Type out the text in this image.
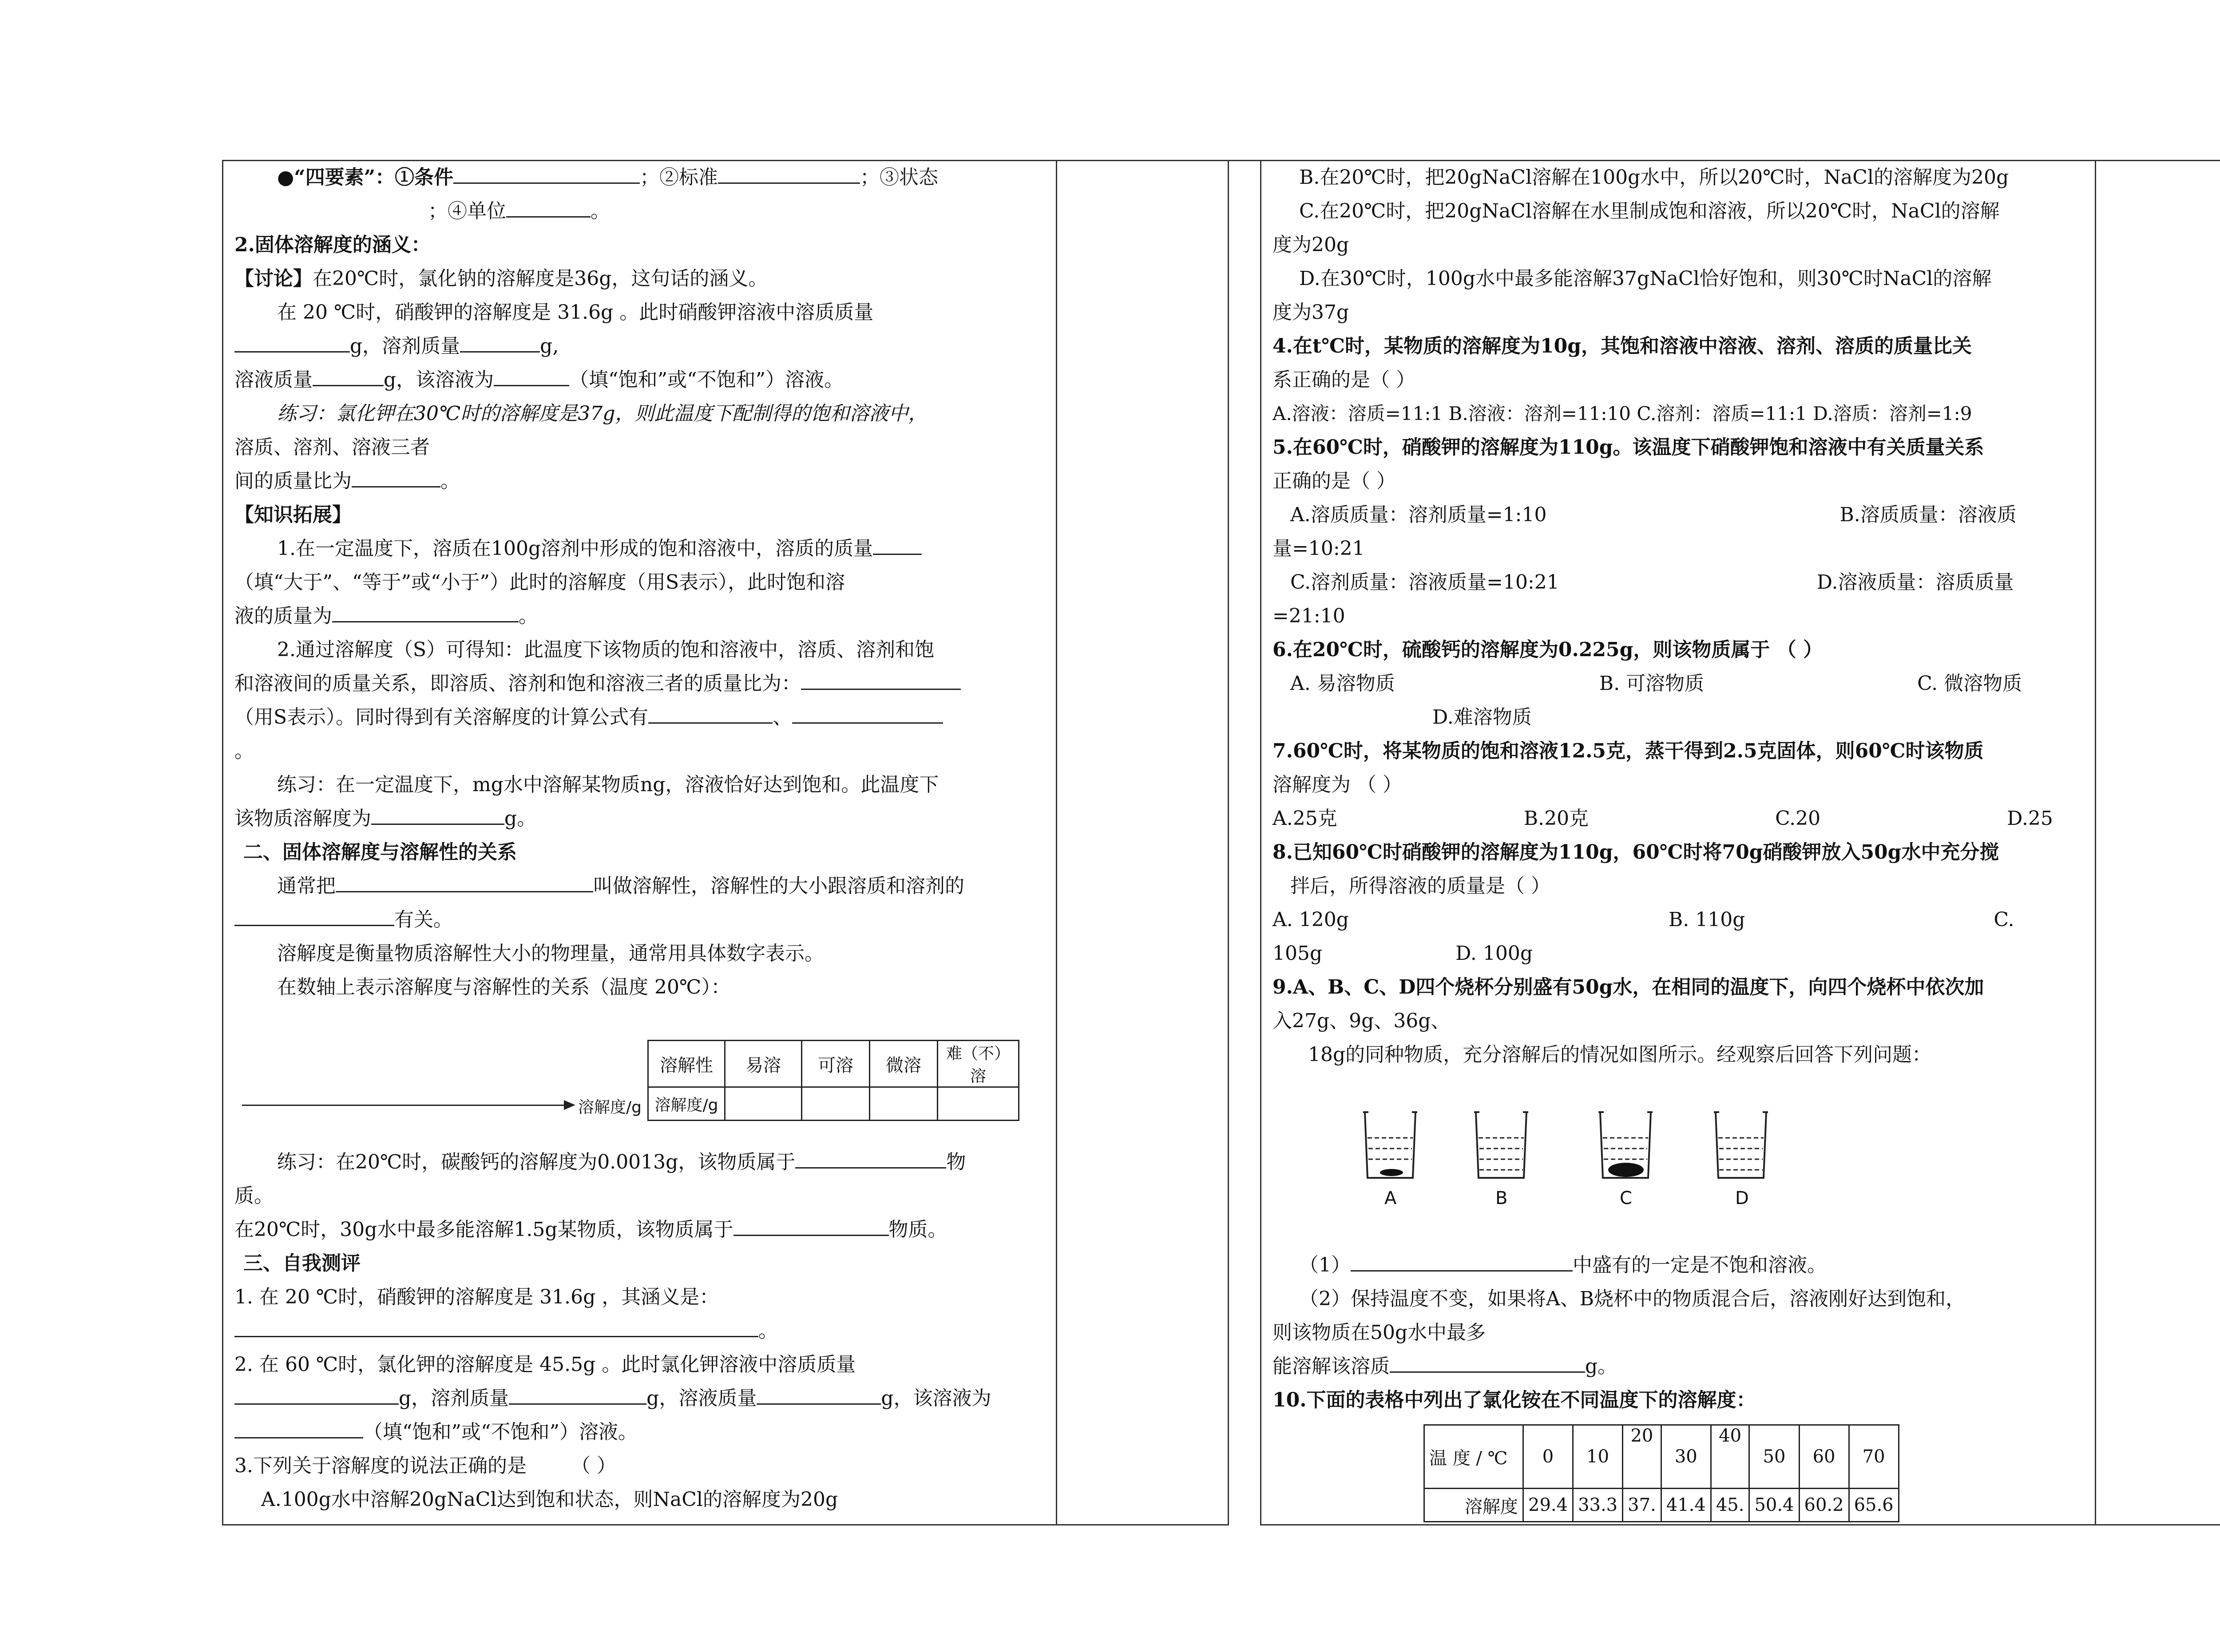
●“四要素”：①条件	；②标准	；③状态

；④单位	。

2.固体溶解度的涵义：

【讨论】在20℃时，氯化钠的溶解度是36g，这句话的涵义。

在 20 ℃时，硝酸钾的溶解度是 31.6g 。此时硝酸钾溶液中溶质质量

g，溶剂质量	g,

溶液质量	g，该溶液为	（填“饱和”或“不饱和”）溶液。

练习：氯化钾在30℃时的溶解度是37g，则此温度下配制得的饱和溶液中，

溶质、溶剂、溶液三者

间的质量比为	。

【知识拓展】

1.在一定温度下，溶质在100g溶剂中形成的饱和溶液中，溶质的质量

（填“大于”、“等于”或“小于”）此时的溶解度（用S表示），此时饱和溶

液的质量为	。

2.通过溶解度（S）可得知：此温度下该物质的饱和溶液中，溶质、溶剂和饱

和溶液间的质量关系，即溶质、溶剂和饱和溶液三者的质量比为：

（用S表示）。同时得到有关溶解度的计算公式有	、

。

练习：在一定温度下，mg水中溶解某物质ng，溶液恰好达到饱和。此温度下

该物质溶解度为	g。

二、固体溶解度与溶解性的关系

通常把	叫做溶解性，溶解性的大小跟溶质和溶剂的

有关。

溶解度是衡量物质溶解性大小的物理量，通常用具体数字表示。

在数轴上表示溶解度与溶解性的关系（温度 20℃）：

溶解度/g
溶解性	易溶	可溶	微溶	难（不）溶
溶解度/g				

练习：在20℃时，碳酸钙的溶解度为0.0013g，该物质属于	物

质。

在20℃时，30g水中最多能溶解1.5g某物质，该物质属于	物质。

三、自我测评

1. 在 20 ℃时，硝酸钾的溶解度是 31.6g ，其涵义是：

。

2. 在 60 ℃时，氯化钾的溶解度是 45.5g 。此时氯化钾溶液中溶质质量

g，溶剂质量	g，溶液质量	g，该溶液为

（填“饱和”或“不饱和”）溶液。

3.下列关于溶解度的说法正确的是 （ ）

A.100g水中溶解20gNaCl达到饱和状态，则NaCl的溶解度为20g

B.在20℃时，把20gNaCl溶解在100g水中，所以20℃时，NaCl的溶解度为20g

C.在20℃时，把20gNaCl溶解在水里制成饱和溶液，所以20℃时，NaCl的溶解

度为20g

D.在30℃时，100g水中最多能溶解37gNaCl恰好饱和，则30℃时NaCl的溶解

度为37g

4.在t℃时，某物质的溶解度为10g，其饱和溶液中溶液、溶剂、溶质的质量比关

系正确的是（ ）

A.溶液：溶质=11:1 B.溶液：溶剂=11:10 C.溶剂：溶质=11:1 D.溶质：溶剂=1:9

5.在60℃时，硝酸钾的溶解度为110g。该温度下硝酸钾饱和溶液中有关质量关系

正确的是（ ）

A.溶质质量：溶剂质量=1:10	B.溶质质量：溶液质

量=10:21

C.溶剂质量：溶液质量=10:21	D.溶液质量：溶质质量

=21:10

6.在20℃时，硫酸钙的溶解度为0.225g，则该物质属于 （ ）

A. 易溶物质	B. 可溶物质	C. 微溶物质

D.难溶物质

7.60℃时，将某物质的饱和溶液12.5克，蒸干得到2.5克固体，则60℃时该物质

溶解度为 （ ）

A.25克	B.20克	C.20	D.25

8.已知60℃时硝酸钾的溶解度为110g，60℃时将70g硝酸钾放入50g水中充分搅

拌后，所得溶液的质量是（ ）

A. 120g	B. 110g	C.

105g	D. 100g

9.A、B、C、D四个烧杯分别盛有50g水，在相同的温度下，向四个烧杯中依次加

入27g、9g、36g、

18g的同种物质，充分溶解后的情况如图所示。经观察后回答下列问题：

A	B	C	D

（1）	中盛有的一定是不饱和溶液。

（2）保持温度不变，如果将A、B烧杯中的物质混合后，溶液刚好达到饱和，

则该物质在50g水中最多

能溶解该溶质	g。

10.下面的表格中列出了氯化铵在不同温度下的溶解度：

温 度 / ℃	0	10	20	30	40	50	60	70
溶解度	29.4	33.3	37.	41.4	45.	50.4	60.2	65.6
